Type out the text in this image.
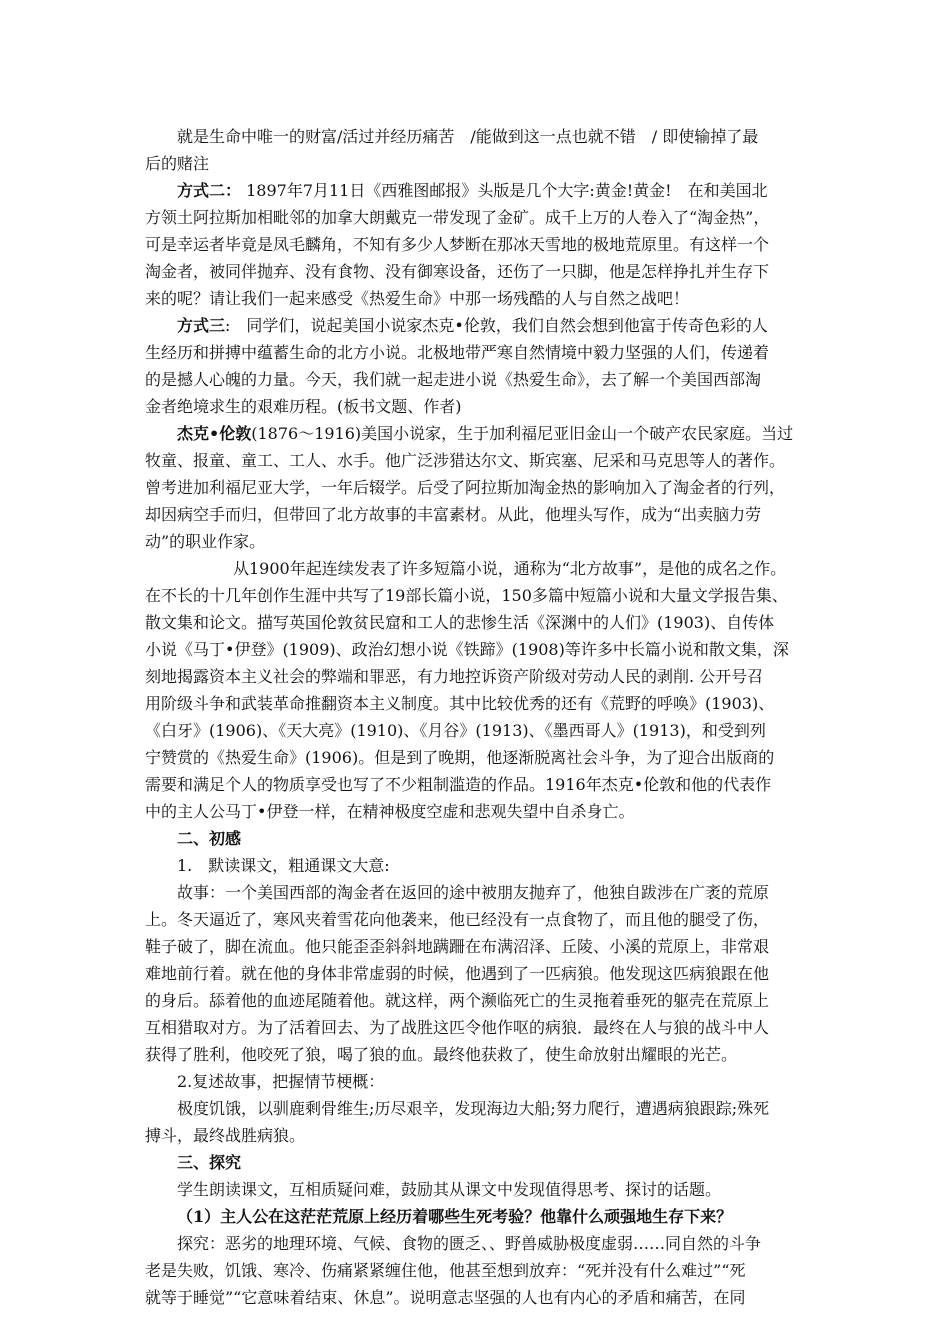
就是生命中唯一的财富/活过并经历痛苦　/能做到这一点也就不错　/ 即使输掉了最
后的赌注
方式二： 1897年7月11日《西雅图邮报》头版是几个大字:黄金!黄金!　在和美国北
方领土阿拉斯加相毗邻的加拿大朗戴克一带发现了金矿。成千上万的人卷入了“淘金热”，
可是幸运者毕竟是凤毛麟角，不知有多少人梦断在那冰天雪地的极地荒原里。有这样一个
淘金者，被同伴抛弃、没有食物、没有御寒设备，还伤了一只脚，他是怎样挣扎并生存下
来的呢？请让我们一起来感受《热爱生命》中那一场残酷的人与自然之战吧！
方式三:　同学们，说起美国小说家杰克•伦敦，我们自然会想到他富于传奇色彩的人
生经历和拼搏中蕴蓄生命的北方小说。北极地带严寒自然情境中毅力坚强的人们，传递着
的是撼人心魄的力量。今天，我们就一起走进小说《热爱生命》，去了解一个美国西部淘
金者绝境求生的艰难历程。(板书文题、作者)
杰克•伦敦(1876～1916)美国小说家，生于加利福尼亚旧金山一个破产农民家庭。当过
牧童、报童、童工、工人、水手。他广泛涉猎达尔文、斯宾塞、尼采和马克思等人的著作。
曾考进加利福尼亚大学，一年后辍学。后受了阿拉斯加淘金热的影响加入了淘金者的行列，
却因病空手而归，但带回了北方故事的丰富素材。从此，他埋头写作，成为“出卖脑力劳
动”的职业作家。
从1900年起连续发表了许多短篇小说，通称为“北方故事”，是他的成名之作。
在不长的十几年创作生涯中共写了19部长篇小说，150多篇中短篇小说和大量文学报告集、
散文集和论文。描写英国伦敦贫民窟和工人的悲惨生活《深渊中的人们》(1903)、自传体
小说《马丁•伊登》(1909)、政治幻想小说《铁蹄》(1908)等许多中长篇小说和散文集，深
刻地揭露资本主义社会的弊端和罪恶，有力地控诉资产阶级对劳动人民的剥削. 公开号召
用阶级斗争和武装革命推翻资本主义制度。其中比较优秀的还有《荒野的呼唤》(1903)、
《白牙》(1906)、《天大亮》(1910)、《月谷》(1913)、《墨西哥人》(1913)，和受到列
宁赞赏的《热爱生命》(1906)。但是到了晚期，他逐渐脱离社会斗争，为了迎合出版商的
需要和满足个人的物质享受也写了不少粗制滥造的作品。1916年杰克•伦敦和他的代表作
中的主人公马丁•伊登一样，在精神极度空虚和悲观失望中自杀身亡。
二、初感
1.　默读课文，粗通课文大意:
故事：一个美国西部的淘金者在返回的途中被朋友抛弃了，他独自跋涉在广袤的荒原
上。冬天逼近了，寒风夹着雪花向他袭来，他已经没有一点食物了，而且他的腿受了伤，
鞋子破了，脚在流血。他只能歪歪斜斜地蹒跚在布满沼泽、丘陵、小溪的荒原上，非常艰
难地前行着。就在他的身体非常虚弱的时候，他遇到了一匹病狼。他发现这匹病狼跟在他
的身后。舔着他的血迹尾随着他。就这样，两个濒临死亡的生灵拖着垂死的躯壳在荒原上
互相猎取对方。为了活着回去、为了战胜这匹令他作呕的病狼．最终在人与狼的战斗中人
获得了胜利，他咬死了狼，喝了狼的血。最终他获救了，使生命放射出耀眼的光芒。
2.复述故事，把握情节梗概：
极度饥饿，以驯鹿剩骨维生;历尽艰辛，发现海边大船;努力爬行，遭遇病狼跟踪;殊死
搏斗，最终战胜病狼。
三、探究
学生朗读课文，互相质疑问难，鼓励其从课文中发现值得思考、探讨的话题。
（1）主人公在这茫茫荒原上经历着哪些生死考验？他靠什么顽强地生存下来？
探究：恶劣的地理环境、气候、食物的匮乏、、野兽威胁极度虚弱……同自然的斗争
老是失败，饥饿、寒冷、伤痛紧紧缠住他，他甚至想到放弃：“死并没有什么难过”“死
就等于睡觉”“它意味着结束、休息”。说明意志坚强的人也有内心的矛盾和痛苦，在同
